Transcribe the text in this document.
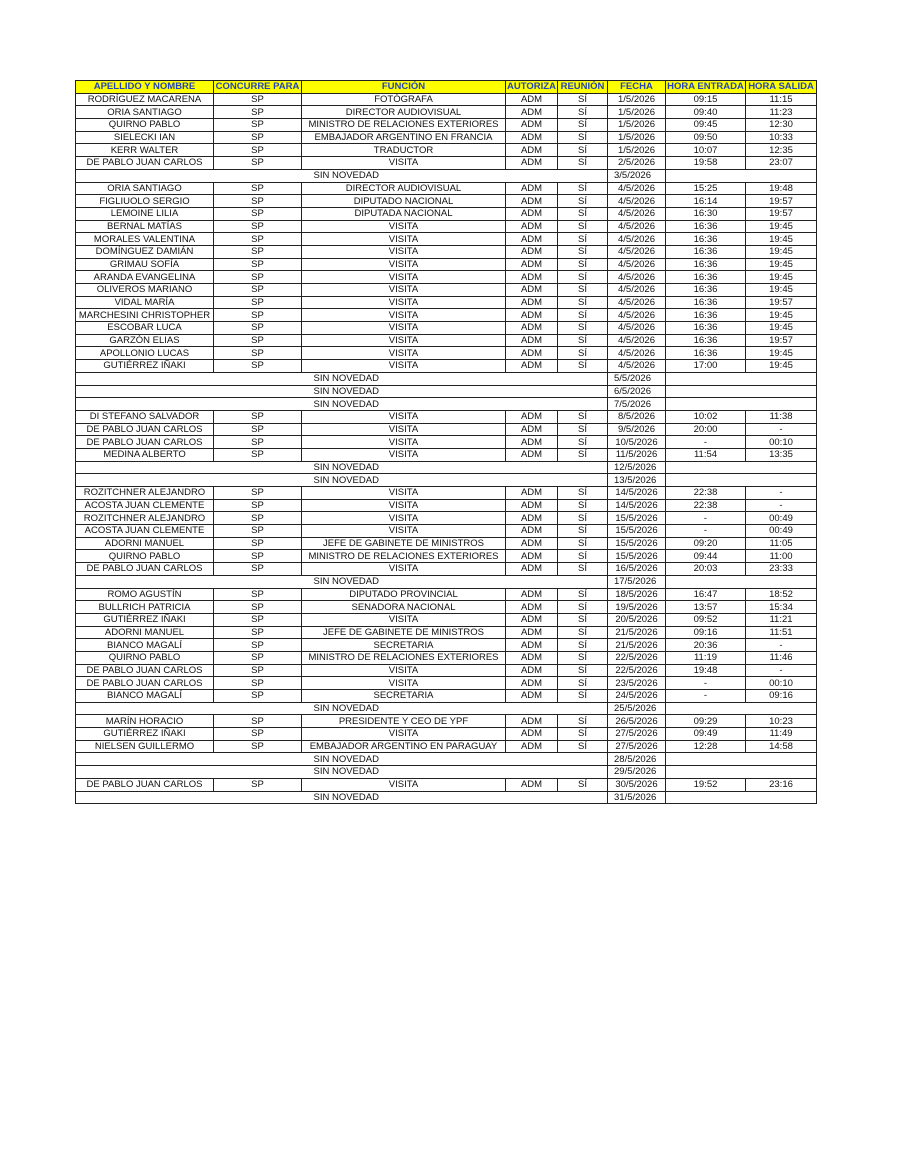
APELLIDO Y NOMBRE	CONCURRE PARA	FUNCIÓN	AUTORIZA	REUNIÓN	FECHA	HORA ENTRADA	HORA SALIDA
RODRÍGUEZ MACARENA	SP	FOTÓGRAFA	ADM	SÍ	1/5/2026	09:15	11:15
ORIA SANTIAGO	SP	DIRECTOR AUDIOVISUAL	ADM	SÍ	1/5/2026	09:40	11:23
QUIRNO PABLO	SP	MINISTRO DE RELACIONES EXTERIORES	ADM	SÍ	1/5/2026	09:45	12:30
SIELECKI IAN	SP	EMBAJADOR ARGENTINO EN FRANCIA	ADM	SÍ	1/5/2026	09:50	10:33
KERR WALTER	SP	TRADUCTOR	ADM	SÍ	1/5/2026	10:07	12:35
DE PABLO JUAN CARLOS	SP	VISITA	ADM	SÍ	2/5/2026	19:58	23:07
		SIN NOVEDAD			3/5/2026		
ORIA SANTIAGO	SP	DIRECTOR AUDIOVISUAL	ADM	SÍ	4/5/2026	15:25	19:48
FIGLIUOLO SERGIO	SP	DIPUTADO NACIONAL	ADM	SÍ	4/5/2026	16:14	19:57
LEMOINE LILIA	SP	DIPUTADA NACIONAL	ADM	SÍ	4/5/2026	16:30	19:57
BERNAL MATÍAS	SP	VISITA	ADM	SÍ	4/5/2026	16:36	19:45
MORALES VALENTINA	SP	VISITA	ADM	SÍ	4/5/2026	16:36	19:45
DOMÍNGUEZ DAMIÁN	SP	VISITA	ADM	SÍ	4/5/2026	16:36	19:45
GRIMAU SOFÍA	SP	VISITA	ADM	SÍ	4/5/2026	16:36	19:45
ARANDA EVANGELINA	SP	VISITA	ADM	SÍ	4/5/2026	16:36	19:45
OLIVEROS MARIANO	SP	VISITA	ADM	SÍ	4/5/2026	16:36	19:45
VIDAL MARÍA	SP	VISITA	ADM	SÍ	4/5/2026	16:36	19:57
MARCHESINI CHRISTOPHER	SP	VISITA	ADM	SÍ	4/5/2026	16:36	19:45
ESCOBAR LUCA	SP	VISITA	ADM	SÍ	4/5/2026	16:36	19:45
GARZÓN ELIAS	SP	VISITA	ADM	SÍ	4/5/2026	16:36	19:57
APOLLONIO LUCAS	SP	VISITA	ADM	SÍ	4/5/2026	16:36	19:45
GUTIÉRREZ IÑAKI	SP	VISITA	ADM	SÍ	4/5/2026	17:00	19:45
		SIN NOVEDAD			5/5/2026		
		SIN NOVEDAD			6/5/2026		
		SIN NOVEDAD			7/5/2026		
DI STEFANO SALVADOR	SP	VISITA	ADM	SÍ	8/5/2026	10:02	11:38
DE PABLO JUAN CARLOS	SP	VISITA	ADM	SÍ	9/5/2026	20:00	-
DE PABLO JUAN CARLOS	SP	VISITA	ADM	SÍ	10/5/2026	-	00:10
MEDINA ALBERTO	SP	VISITA	ADM	SÍ	11/5/2026	11:54	13:35
		SIN NOVEDAD			12/5/2026		
		SIN NOVEDAD			13/5/2026		
ROZITCHNER ALEJANDRO	SP	VISITA	ADM	SÍ	14/5/2026	22:38	-
ACOSTA JUAN CLEMENTE	SP	VISITA	ADM	SÍ	14/5/2026	22:38	-
ROZITCHNER ALEJANDRO	SP	VISITA	ADM	SÍ	15/5/2026	-	00:49
ACOSTA JUAN CLEMENTE	SP	VISITA	ADM	SÍ	15/5/2026	-	00:49
ADORNI MANUEL	SP	JEFE DE GABINETE DE MINISTROS	ADM	SÍ	15/5/2026	09:20	11:05
QUIRNO PABLO	SP	MINISTRO DE RELACIONES EXTERIORES	ADM	SÍ	15/5/2026	09:44	11:00
DE PABLO JUAN CARLOS	SP	VISITA	ADM	SÍ	16/5/2026	20:03	23:33
		SIN NOVEDAD			17/5/2026		
ROMO AGUSTÍN	SP	DIPUTADO PROVINCIAL	ADM	SÍ	18/5/2026	16:47	18:52
BULLRICH PATRICIA	SP	SENADORA NACIONAL	ADM	SÍ	19/5/2026	13:57	15:34
GUTIÉRREZ IÑAKI	SP	VISITA	ADM	SÍ	20/5/2026	09:52	11:21
ADORNI MANUEL	SP	JEFE DE GABINETE DE MINISTROS	ADM	SÍ	21/5/2026	09:16	11:51
BIANCO MAGALÍ	SP	SECRETARIA	ADM	SÍ	21/5/2026	20:36	-
QUIRNO PABLO	SP	MINISTRO DE RELACIONES EXTERIORES	ADM	SÍ	22/5/2026	11:19	11:46
DE PABLO JUAN CARLOS	SP	VISITA	ADM	SÍ	22/5/2026	19:48	-
DE PABLO JUAN CARLOS	SP	VISITA	ADM	SÍ	23/5/2026	-	00:10
BIANCO MAGALÍ	SP	SECRETARIA	ADM	SÍ	24/5/2026	-	09:16
		SIN NOVEDAD			25/5/2026		
MARÍN HORACIO	SP	PRESIDENTE Y CEO DE YPF	ADM	SÍ	26/5/2026	09:29	10:23
GUTIÉRREZ IÑAKI	SP	VISITA	ADM	SÍ	27/5/2026	09:49	11:49
NIELSEN GUILLERMO	SP	EMBAJADOR ARGENTINO EN PARAGUAY	ADM	SÍ	27/5/2026	12:28	14:58
		SIN NOVEDAD			28/5/2026		
		SIN NOVEDAD			29/5/2026		
DE PABLO JUAN CARLOS	SP	VISITA	ADM	SÍ	30/5/2026	19:52	23:16
		SIN NOVEDAD			31/5/2026		
